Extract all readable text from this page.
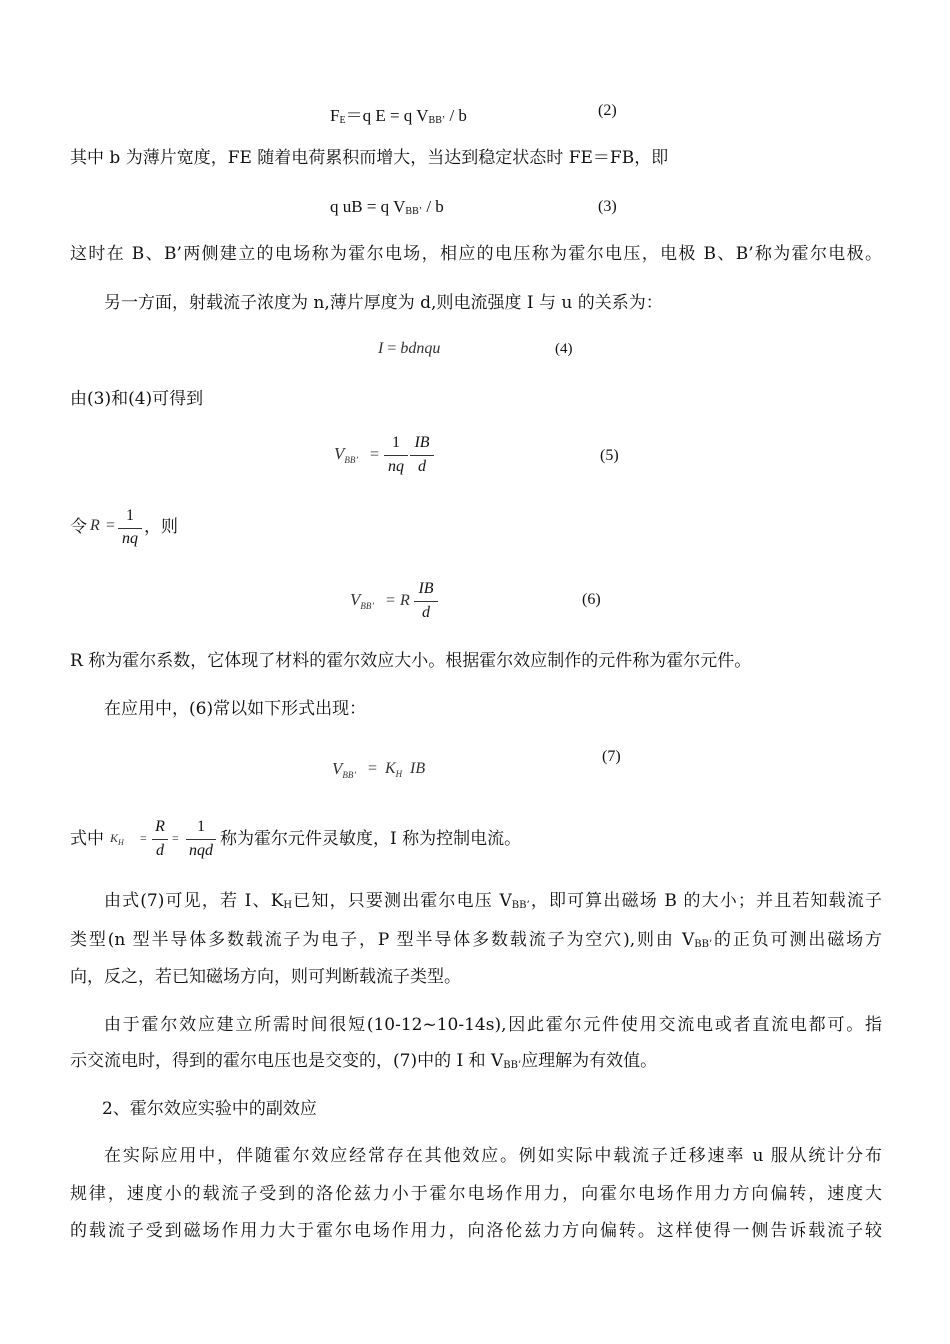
$F_E=q$ E = q $V_{BB’}$ / b	(2)
其中 b 为薄片宽度，FE 随着电荷累积而增大，当达到稳定状态时 FE＝FB，即
q uB = q $V_{BB’}$ / b	(3)
这时在 B、B’两侧建立的电场称为霍尔电场，相应的电压称为霍尔电压，电极 B、B’称为霍尔电极。
另一方面，射载流子浓度为 n,薄片厚度为 d,则电流强度 I 与 u 的关系为：
I = bdnqu	(4)
由(3)和(4)可得到
$V_{BB’}$ =
1
nq
IB
d
(5)
令 R =
1
nq
，则
$V_{BB’} = R$
IB
d
(6)
R 称为霍尔系数，它体现了材料的霍尔效应大小。根据霍尔效应制作的元件称为霍尔元件。
在应用中，(6)常以如下形式出现：
$V_{BB’} = K_H$ IB
(7)
式中 $K_H$ =
R
d
=
1
nqd
称为霍尔元件灵敏度，I 称为控制电流。
由式(7)可见，若 I、$K_H$已知，只要测出霍尔电压 $V_{BB’}$，即可算出磁场 B 的大小；并且若知载流子
类型(n 型半导体多数载流子为电子，P 型半导体多数载流子为空穴),则由 $V_{BB’}$的正负可测出磁场方
向，反之，若已知磁场方向，则可判断载流子类型。
由于霍尔效应建立所需时间很短(10-12~10-14s),因此霍尔元件使用交流电或者直流电都可。指
示交流电时，得到的霍尔电压也是交变的，(7)中的 I 和 $V_{BB’}$应理解为有效值。
2、霍尔效应实验中的副效应
在实际应用中，伴随霍尔效应经常存在其他效应。例如实际中载流子迁移速率 u 服从统计分布
规律，速度小的载流子受到的洛伦兹力小于霍尔电场作用力，向霍尔电场作用力方向偏转，速度大
的载流子受到磁场作用力大于霍尔电场作用力，向洛伦兹力方向偏转。这样使得一侧告诉载流子较
